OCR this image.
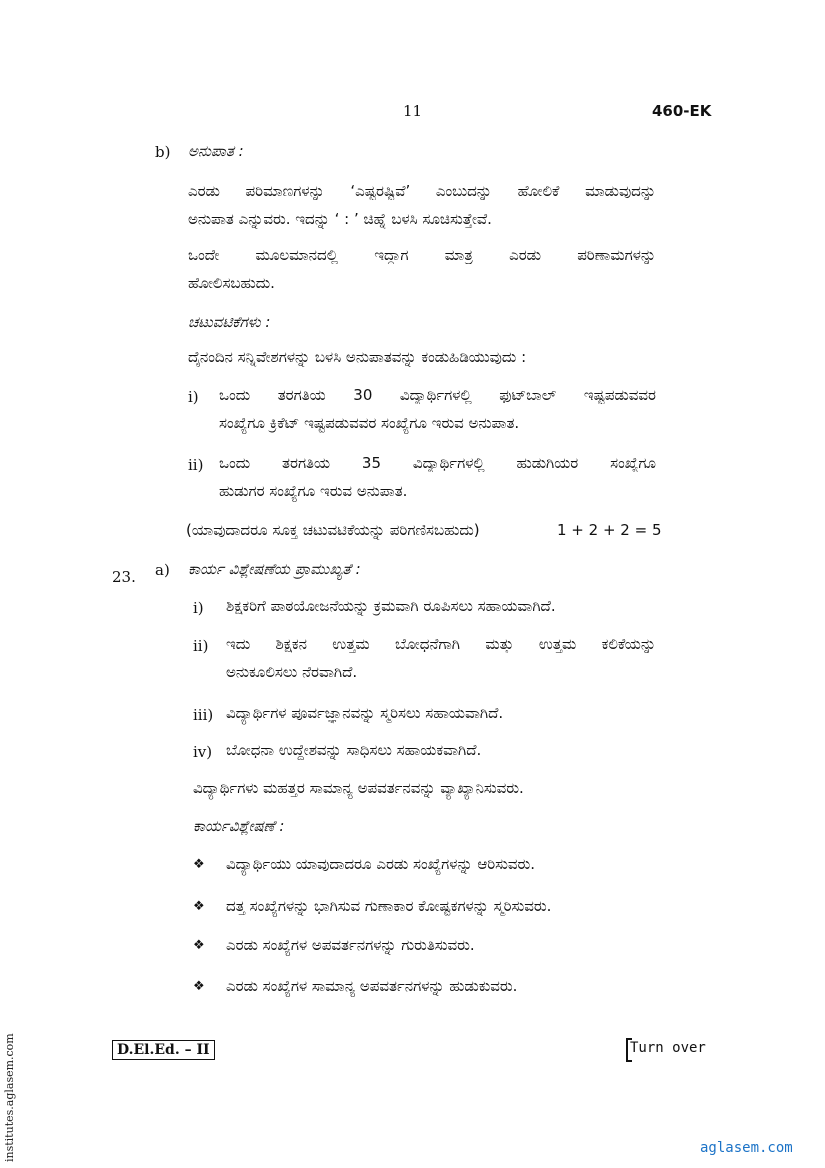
11	460-EK
b) ಅನುಪಾತ :
ಎರಡು ಪರಿಮಾಣಗಳನ್ನು ‘ಎಷ್ಟರಷ್ಟಿವೆ’ ಎಂಬುದನ್ನು ಹೋಲಿಕೆ ಮಾಡುವುದನ್ನು
ಅನುಪಾತ ಎನ್ನುವರು. ಇದನ್ನು ‘ : ’ ಚಿಹ್ನೆ ಬಳಸಿ ಸೂಚಿಸುತ್ತೇವೆ.
ಒಂದೇ ಮೂಲಮಾನದಲ್ಲಿ ಇದ್ದಾಗ ಮಾತ್ರ ಎರಡು ಪರಿಣಾಮಗಳನ್ನು
ಹೋಲಿಸಬಹುದು.
ಚಟುವಟಿಕೆಗಳು :
ದೈನಂದಿನ ಸನ್ನಿವೇಶಗಳನ್ನು ಬಳಸಿ ಅನುಪಾತವನ್ನು ಕಂಡುಹಿಡಿಯುವುದು :
i) ಒಂದು ತರಗತಿಯ 30 ವಿದ್ಯಾರ್ಥಿಗಳಲ್ಲಿ ಫುಟ್‌ಬಾಲ್ ಇಷ್ಟಪಡುವವರ
ಸಂಖ್ಯೆಗೂ ಕ್ರಿಕೆಟ್ ಇಷ್ಟಪಡುವವರ ಸಂಖ್ಯೆಗೂ ಇರುವ ಅನುಪಾತ.
ii) ಒಂದು ತರಗತಿಯ 35 ವಿದ್ಯಾರ್ಥಿಗಳಲ್ಲಿ ಹುಡುಗಿಯರ ಸಂಖ್ಯೆಗೂ
ಹುಡುಗರ ಸಂಖ್ಯೆಗೂ ಇರುವ ಅನುಪಾತ.
(ಯಾವುದಾದರೂ ಸೂಕ್ತ ಚಟುವಟಿಕೆಯನ್ನು ಪರಿಗಣಿಸಬಹುದು)	1 + 2 + 2 = 5
23. a) ಕಾರ್ಯ ವಿಶ್ಲೇಷಣೆಯ ಪ್ರಾಮುಖ್ಯತೆ :
i) ಶಿಕ್ಷಕರಿಗೆ ಪಾಠಯೋಜನೆಯನ್ನು ಕ್ರಮವಾಗಿ ರೂಪಿಸಲು ಸಹಾಯವಾಗಿದೆ.
ii) ಇದು ಶಿಕ್ಷಕನ ಉತ್ತಮ ಬೋಧನೆಗಾಗಿ ಮತ್ತು ಉತ್ತಮ ಕಲಿಕೆಯನ್ನು
ಅನುಕೂಲಿಸಲು ನೆರವಾಗಿದೆ.
iii) ವಿದ್ಯಾರ್ಥಿಗಳ ಪೂರ್ವಜ್ಞಾನವನ್ನು ಸ್ಮರಿಸಲು ಸಹಾಯವಾಗಿದೆ.
iv) ಬೋಧನಾ ಉದ್ದೇಶವನ್ನು ಸಾಧಿಸಲು ಸಹಾಯಕವಾಗಿದೆ.
ವಿದ್ಯಾರ್ಥಿಗಳು ಮಹತ್ತರ ಸಾಮಾನ್ಯ ಅಪವರ್ತನವನ್ನು ವ್ಯಾಖ್ಯಾನಿಸುವರು.
ಕಾರ್ಯವಿಶ್ಲೇಷಣೆ :
❖ ವಿದ್ಯಾರ್ಥಿಯು ಯಾವುದಾದರೂ ಎರಡು ಸಂಖ್ಯೆಗಳನ್ನು ಆರಿಸುವರು.
❖ ದತ್ತ ಸಂಖ್ಯೆಗಳನ್ನು ಭಾಗಿಸುವ ಗುಣಾಕಾರ ಕೋಷ್ಟಕಗಳನ್ನು ಸ್ಮರಿಸುವರು.
❖ ಎರಡು ಸಂಖ್ಯೆಗಳ ಅಪವರ್ತನಗಳನ್ನು ಗುರುತಿಸುವರು.
❖ ಎರಡು ಸಂಖ್ಯೆಗಳ ಸಾಮಾನ್ಯ ಅಪವರ್ತನಗಳನ್ನು ಹುಡುಕುವರು.
D.El.Ed. – II	Turn over
institutes.aglasem.com	aglasem.com
